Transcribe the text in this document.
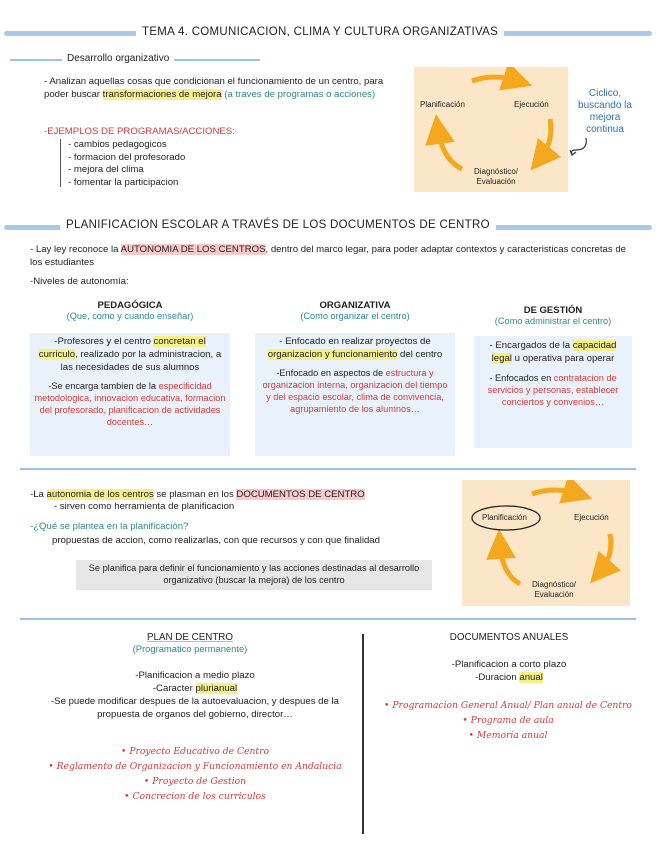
TEMA 4. COMUNICACION, CLIMA Y CULTURA ORGANIZATIVAS
Desarrollo organizativo
- Analizan aquellas cosas que condicionan el funcionamiento de un centro, para poder buscar transformaciones de mejora (a traves de programas o acciones)
-EJEMPLOS DE PROGRAMAS/ACCIONES:
- cambios pedagogicos
- formacion del profesorado
- mejora del clima
- fomentar la participacion
Planificación	Ejecución
Diagnóstico/
Evaluación
Ciclico, buscando la mejora continua
PLANIFICACION ESCOLAR A TRAVÉS DE LOS DOCUMENTOS DE CENTRO
- Lay ley reconoce la AUTONOMIA DE LOS CENTROS, dentro del marco legar, para poder adaptar contextos y caracteristicas concretas de los estudiantes
-Niveles de autonomía:
PEDAGÓGICA
(Que, como y cuando enseñar)
-Profesores y el centro concretan el curriculo, realizado por la administracion, a las necesidades de sus alumnos
-Se encarga tambien de la especificidad metodologica, innovacion educativa, formacion del profesorado, planificacion de actividades docentes…
ORGANIZATIVA
(Como organizar el centro)
- Enfocado en realizar proyectos de organizacion y funcionamiento del centro
-Enfocado en aspectos de estructura y organizacion interna, organizacion del tiempo y del espacio escolar, clima de convivencia, agrupamiento de los alumnos…
DE GESTIÓN
(Como administrar el centro)
- Encargados de la capacidad legal u operativa para operar
- Enfocados en contratacion de servicios y personas, establecer conciertos y convenios…
-La autonomia de los centros se plasman en los DOCUMENTOS DE CENTRO
- sirven como herramienta de planificacion
-¿Qué se plantea en la planificación?
propuestas de accion, como realizarlas, con que recursos y con que finalidad
Se planifica para definir el funcionamiento y las acciones destinadas al desarrollo organizativo (buscar la mejora) de los centro
Planificación	Ejecución
Diagnóstico/
Evaluación
PLAN DE CENTRO
(Programatico permanente)
-Planificacion a medio plazo
-Caracter plurianual
-Se puede modificar despues de la autoevaluacion, y despues de la propuesta de organos del gobierno, director…
• Proyecto Educativo de Centro
• Reglamento de Organizacion y Funcionamiento en Andalucia
• Proyecto de Gestion
• Concrecion de los curriculos
DOCUMENTOS ANUALES
-Planificacion a corto plazo
-Duracion anual
• Programacion General Anual/ Plan anual de Centro
• Programa de aula
• Memoria anual
